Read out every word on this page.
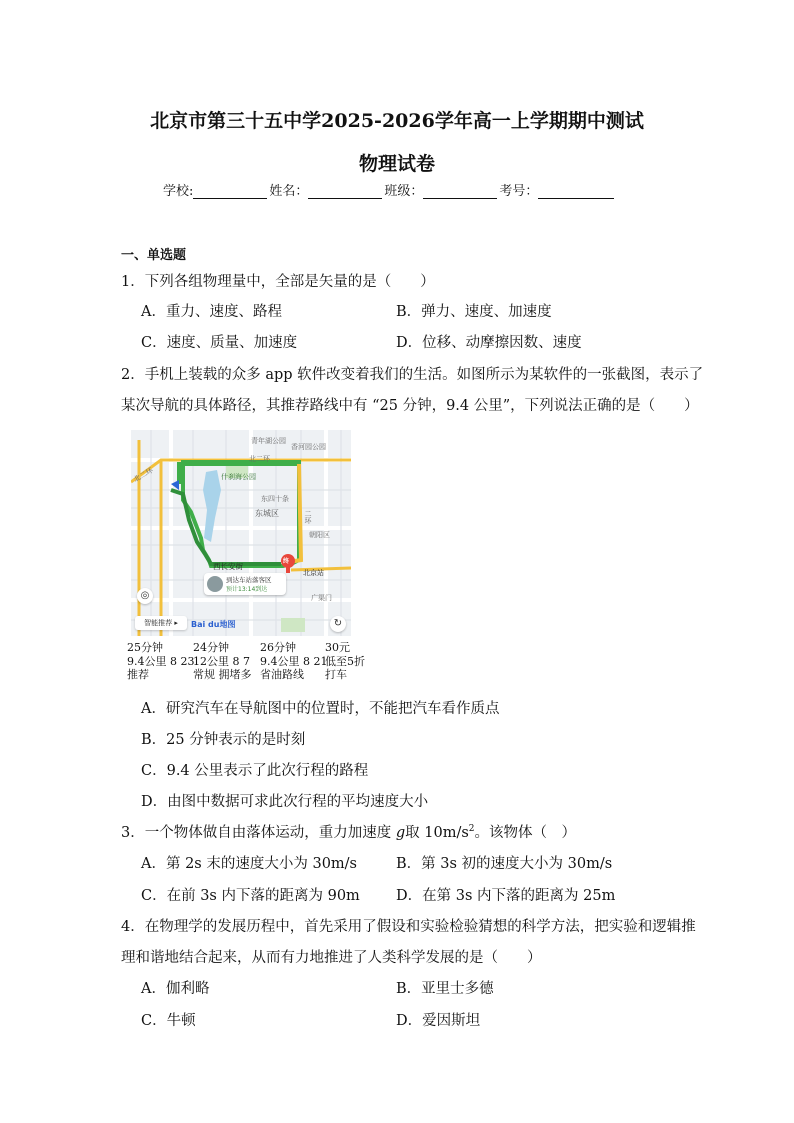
北京市第三十五中学2025-2026学年高一上学期期中测试
物理试卷
学校:	姓名：	班级：	考号：
一、单选题
1．下列各组物理量中，全部是矢量的是（　　）
A．重力、速度、路程	B．弹力、速度、加速度
C．速度、质量、加速度	D．位移、动摩擦因数、速度
2．手机上装载的众多 app 软件改变着我们的生活。如图所示为某软件的一张截图，表示了
某次导航的具体路径，其推荐路线中有 “25 分钟，9.4 公里”，下列说法正确的是（　　）
青年湖公园
香河园公园
北二环
什刹海公园
东四十条
东城区
朝阳区
西长安街
北京站
广渠门
二环
北二环
终
到达车站落客区
预计13:14到达
◎
↻
智能推荐 ▸	Bai du地图
25分钟
9.4公里 8 23
推荐
24分钟
12公里 8 7
常规 拥堵多
26分钟
9.4公里 8 21
省油路线
30元
低至5折
打车
A．研究汽车在导航图中的位置时，不能把汽车看作质点
B．25 分钟表示的是时刻
C．9.4 公里表示了此次行程的路程
D．由图中数据可求此次行程的平均速度大小
3．一个物体做自由落体运动，重力加速度 g取 $10m/s^2$。该物体（　）
A．第 2s 末的速度大小为 30m/s	B．第 3s 初的速度大小为 30m/s
C．在前 3s 内下落的距离为 90m D．在第 3s 内下落的距离为 25m
4．在物理学的发展历程中，首先采用了假设和实验检验猜想的科学方法，把实验和逻辑推
理和谐地结合起来，从而有力地推进了人类科学发展的是（　　）
A．伽利略	B．亚里士多德
C．牛顿	D．爱因斯坦
